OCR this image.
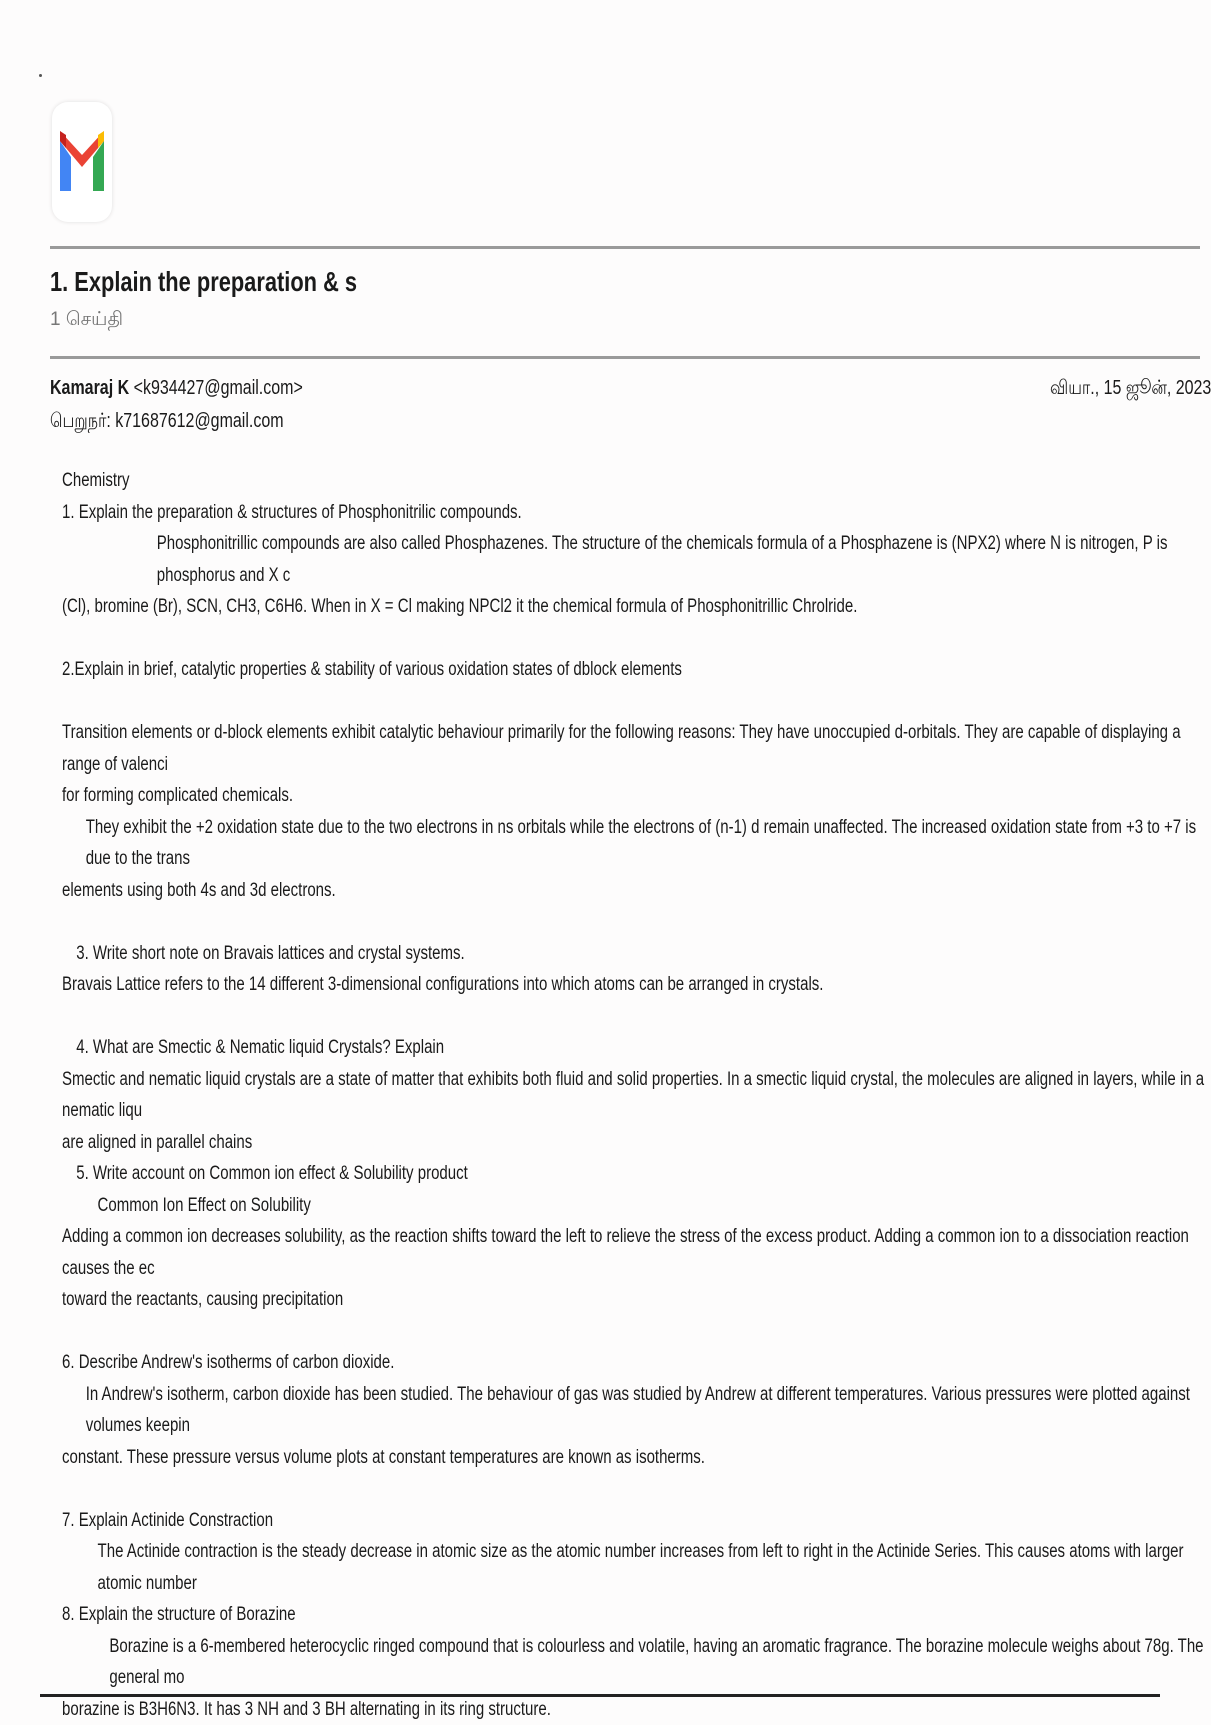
1. Explain the preparation & s
1 செய்தி
Kamaraj K <k934427@gmail.com>
பெறுநர்: k71687612@gmail.com
வியா., 15 ஜூன், 2023

Chemistry

1. Explain the preparation & structures of Phosphonitrilic compounds.

Phosphonitrillic compounds are also called Phosphazenes. The structure of the chemicals formula of a Phosphazene is (NPX2) where N is nitrogen, P is phosphorus and X c

(Cl), bromine (Br), SCN, CH3, C6H6. When in X = Cl making NPCl2 it the chemical formula of Phosphonitrillic Chrolride.

2.Explain in brief, catalytic properties & stability of various oxidation states of dblock elements

Transition elements or d-block elements exhibit catalytic behaviour primarily for the following reasons: They have unoccupied d-orbitals. They are capable of displaying a range of valenci

for forming complicated chemicals.

They exhibit the +2 oxidation state due to the two electrons in ns orbitals while the electrons of (n-1) d remain unaffected. The increased oxidation state from +3 to +7 is due to the trans

elements using both 4s and 3d electrons.

3. Write short note on Bravais lattices and crystal systems.

Bravais Lattice refers to the 14 different 3-dimensional configurations into which atoms can be arranged in crystals.

4. What are Smectic & Nematic liquid Crystals? Explain

Smectic and nematic liquid crystals are a state of matter that exhibits both fluid and solid properties. In a smectic liquid crystal, the molecules are aligned in layers, while in a nematic liqu

are aligned in parallel chains

5. Write account on Common ion effect & Solubility product

Common Ion Effect on Solubility

Adding a common ion decreases solubility, as the reaction shifts toward the left to relieve the stress of the excess product. Adding a common ion to a dissociation reaction causes the ec

toward the reactants, causing precipitation

6. Describe Andrew's isotherms of carbon dioxide.

In Andrew's isotherm, carbon dioxide has been studied. The behaviour of gas was studied by Andrew at different temperatures. Various pressures were plotted against volumes keepin

constant. These pressure versus volume plots at constant temperatures are known as isotherms.

7. Explain Actinide Constraction

The Actinide contraction is the steady decrease in atomic size as the atomic number increases from left to right in the Actinide Series. This causes atoms with larger atomic number

8. Explain the structure of Borazine

Borazine is a 6-membered heterocyclic ringed compound that is colourless and volatile, having an aromatic fragrance. The borazine molecule weighs about 78g. The general mo

borazine is B3H6N3. It has 3 NH and 3 BH alternating in its ring structure.
